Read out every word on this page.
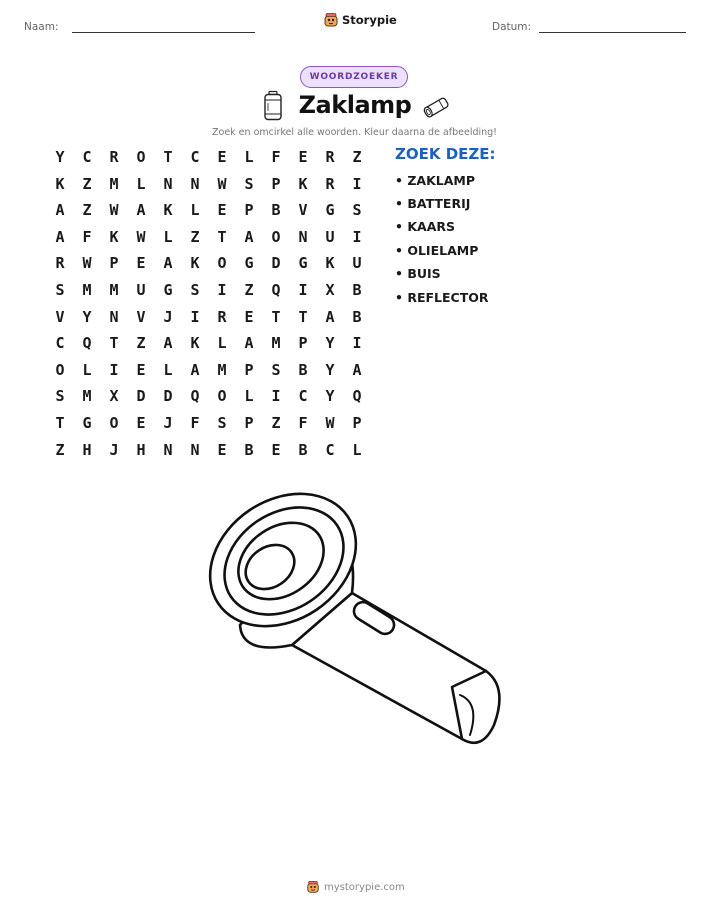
Naam:	Storypie	Datum:
WOORDZOEKER
Zaklamp
Zoek en omcirkel alle woorden. Kleur daarna de afbeelding!
Y	C	R	O	T	C	E	L	F	E	R	Z
K	Z	M	L	N	N	W	S	P	K	R	I
A	Z	W	A	K	L	E	P	B	V	G	S
A	F	K	W	L	Z	T	A	O	N	U	I
R	W	P	E	A	K	O	G	D	G	K	U
S	M	M	U	G	S	I	Z	Q	I	X	B
V	Y	N	V	J	I	R	E	T	T	A	B
C	Q	T	Z	A	K	L	A	M	P	Y	I
O	L	I	E	L	A	M	P	S	B	Y	A
S	M	X	D	D	Q	O	L	I	C	Y	Q
T	G	O	E	J	F	S	P	Z	F	W	P
Z	H	J	H	N	N	E	B	E	B	C	L
ZOEK DEZE:
• ZAKLAMP
• BATTERIJ
• KAARS
• OLIELAMP
• BUIS
• REFLECTOR
mystorypie.com
